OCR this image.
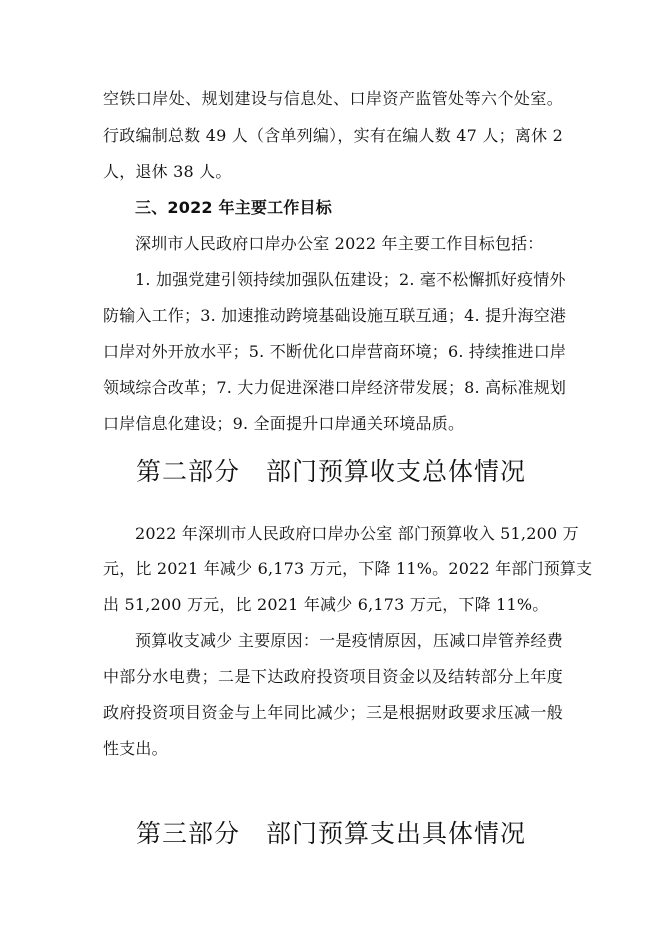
空铁口岸处、规划建设与信息处、口岸资产监管处等六个处室。
行政编制总数 49 人（含单列编），实有在编人数 47 人；离休 2
人，退休 38 人。
三、2022 年主要工作目标
深圳市人民政府口岸办公室 2022 年主要工作目标包括：
1. 加强党建引领持续加强队伍建设；2. 毫不松懈抓好疫情外
防输入工作；3. 加速推动跨境基础设施互联互通；4. 提升海空港
口岸对外开放水平；5. 不断优化口岸营商环境；6. 持续推进口岸
领域综合改革；7. 大力促进深港口岸经济带发展；8. 高标准规划
口岸信息化建设；9. 全面提升口岸通关环境品质。
第二部分　部门预算收支总体情况
2022 年深圳市人民政府口岸办公室 部门预算收入 51,200 万
元，比 2021 年减少 6,173 万元，下降 11%。2022 年部门预算支
出 51,200 万元，比 2021 年减少 6,173 万元，下降 11%。
预算收支减少 主要原因：一是疫情原因，压减口岸管养经费
中部分水电费；二是下达政府投资项目资金以及结转部分上年度
政府投资项目资金与上年同比减少；三是根据财政要求压减一般
性支出。
第三部分　部门预算支出具体情况
